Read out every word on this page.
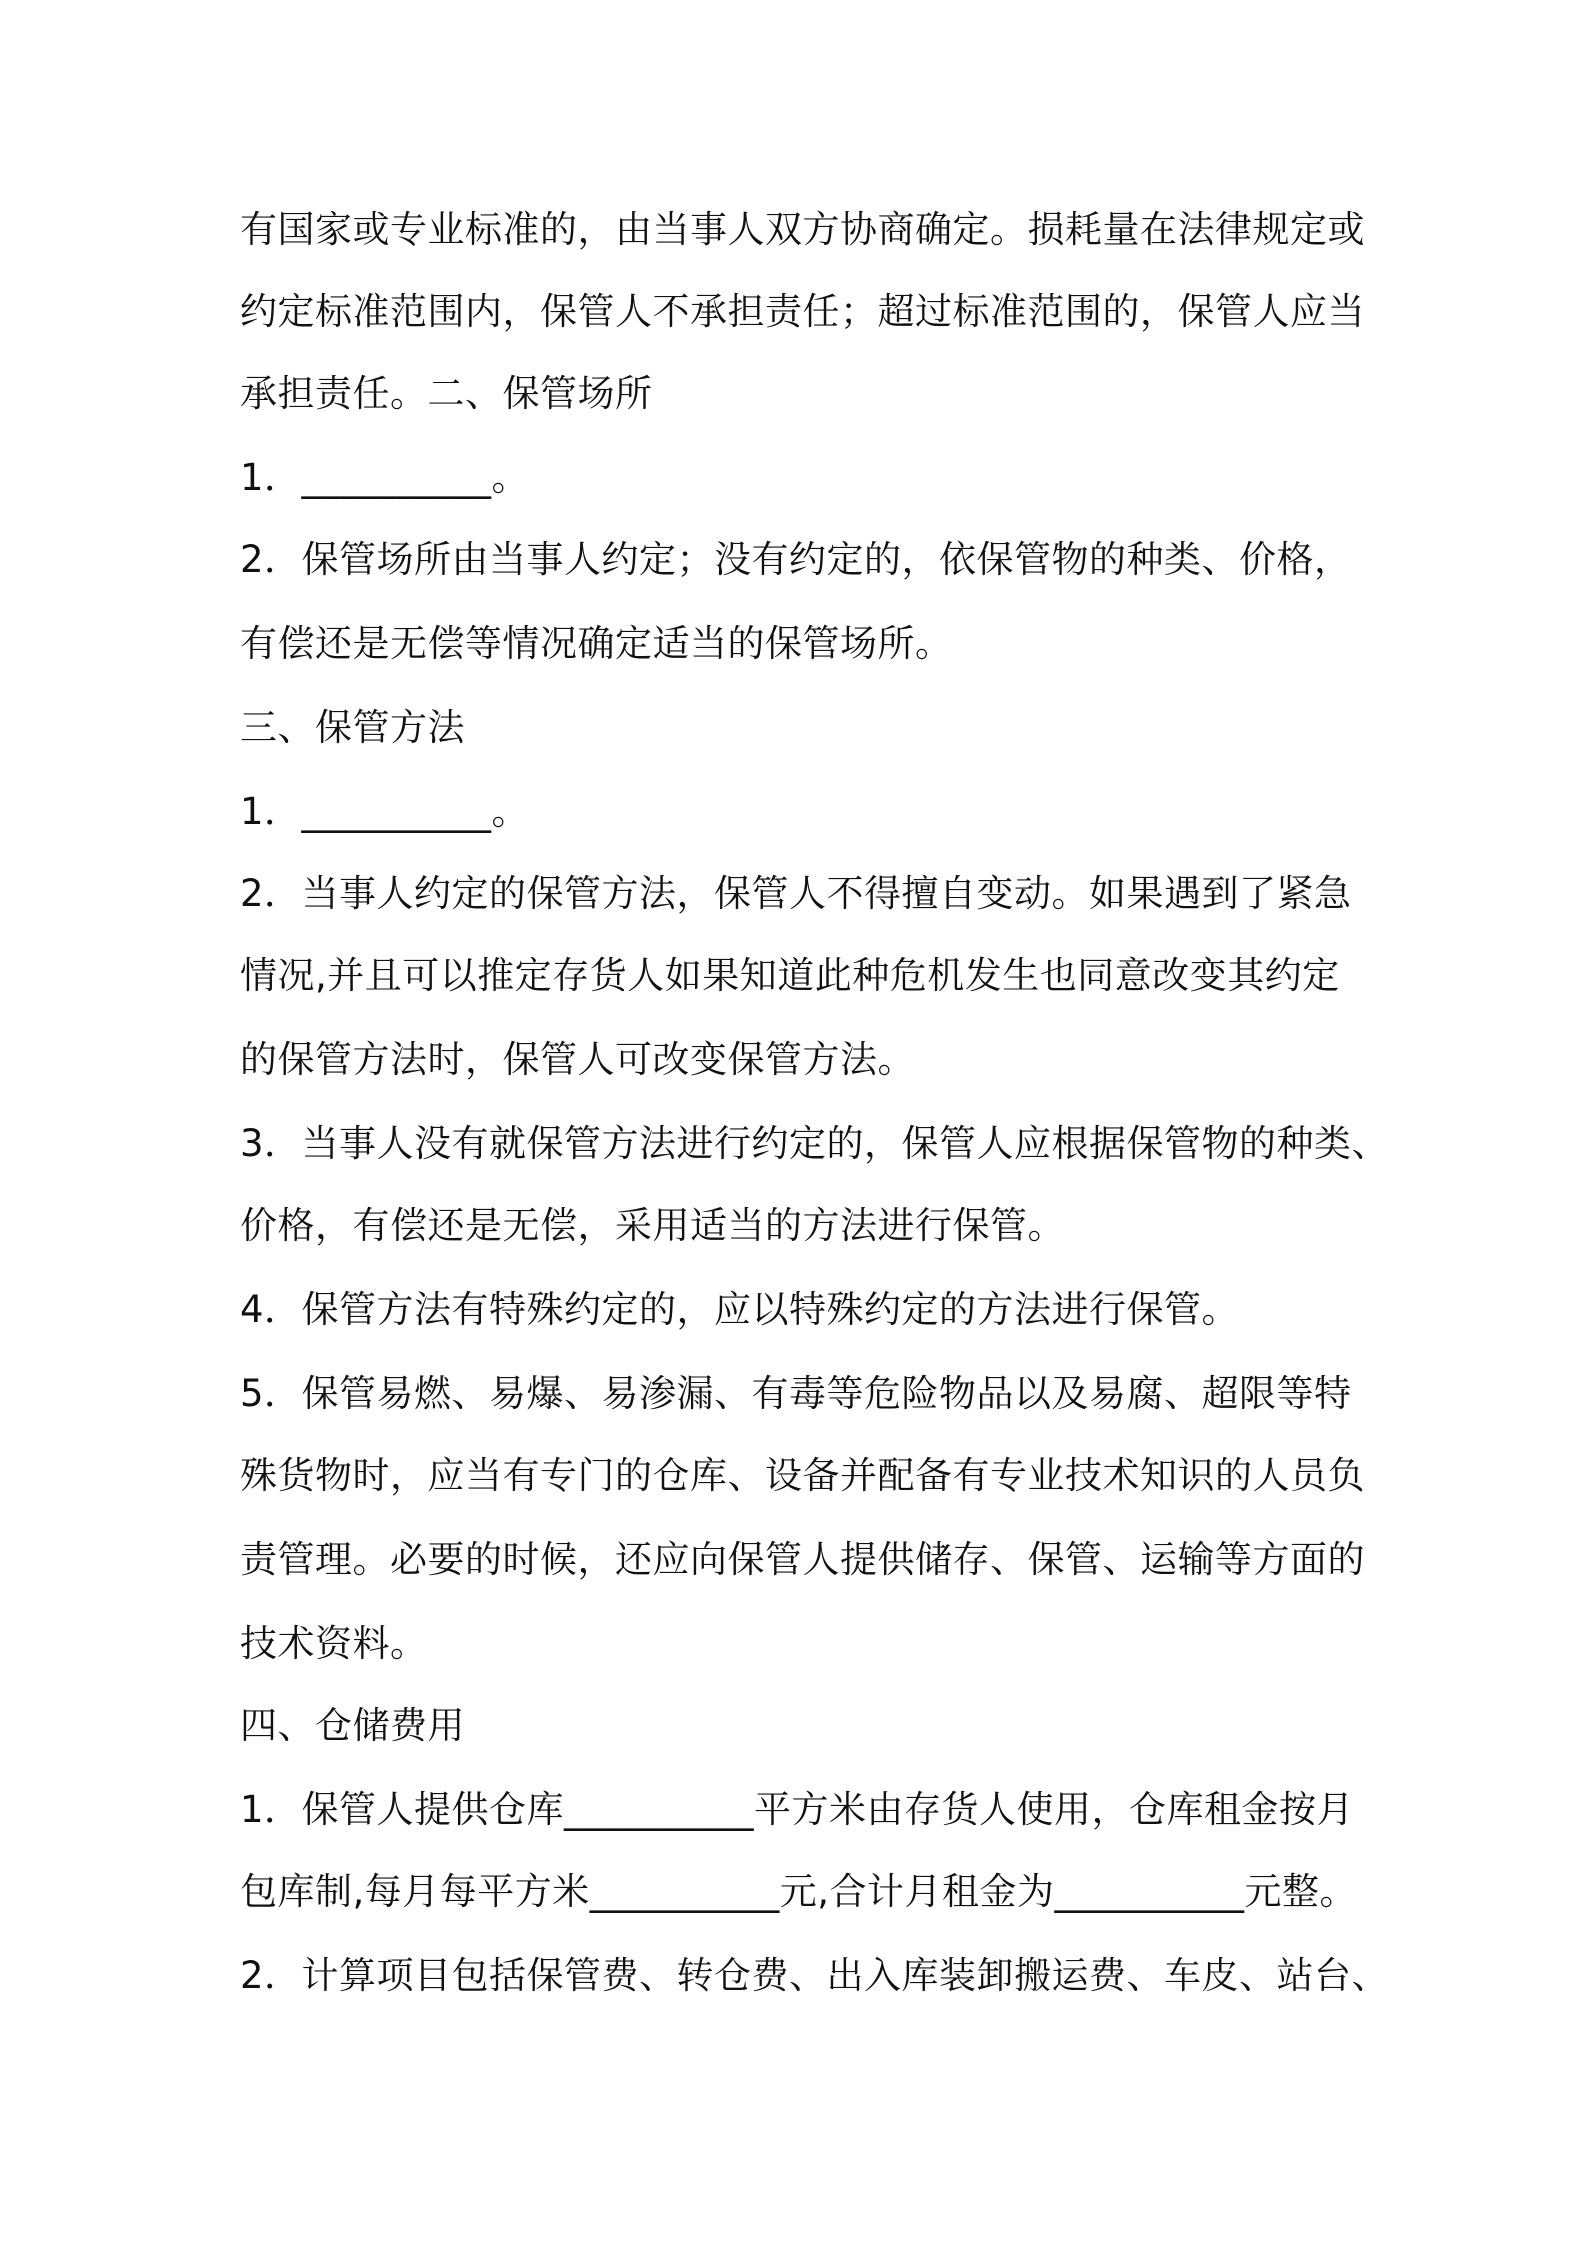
有国家或专业标准的，由当事人双方协商确定。损耗量在法律规定或
约定标准范围内，保管人不承担责任；超过标准范围的，保管人应当
承担责任。二、保管场所
1．__________。
2．保管场所由当事人约定；没有约定的，依保管物的种类、价格，
有偿还是无偿等情况确定适当的保管场所。
三、保管方法
1．__________。
2．当事人约定的保管方法，保管人不得擅自变动。如果遇到了紧急
情况,并且可以推定存货人如果知道此种危机发生也同意改变其约定
的保管方法时，保管人可改变保管方法。
3．当事人没有就保管方法进行约定的，保管人应根据保管物的种类、
价格，有偿还是无偿，采用适当的方法进行保管。
4．保管方法有特殊约定的，应以特殊约定的方法进行保管。
5．保管易燃、易爆、易渗漏、有毒等危险物品以及易腐、超限等特
殊货物时，应当有专门的仓库、设备并配备有专业技术知识的人员负
责管理。必要的时候，还应向保管人提供储存、保管、运输等方面的
技术资料。
四、仓储费用
1．保管人提供仓库__________平方米由存货人使用，仓库租金按月
包库制,每月每平方米__________元,合计月租金为__________元整。
2．计算项目包括保管费、转仓费、出入库装卸搬运费、车皮、站台、
